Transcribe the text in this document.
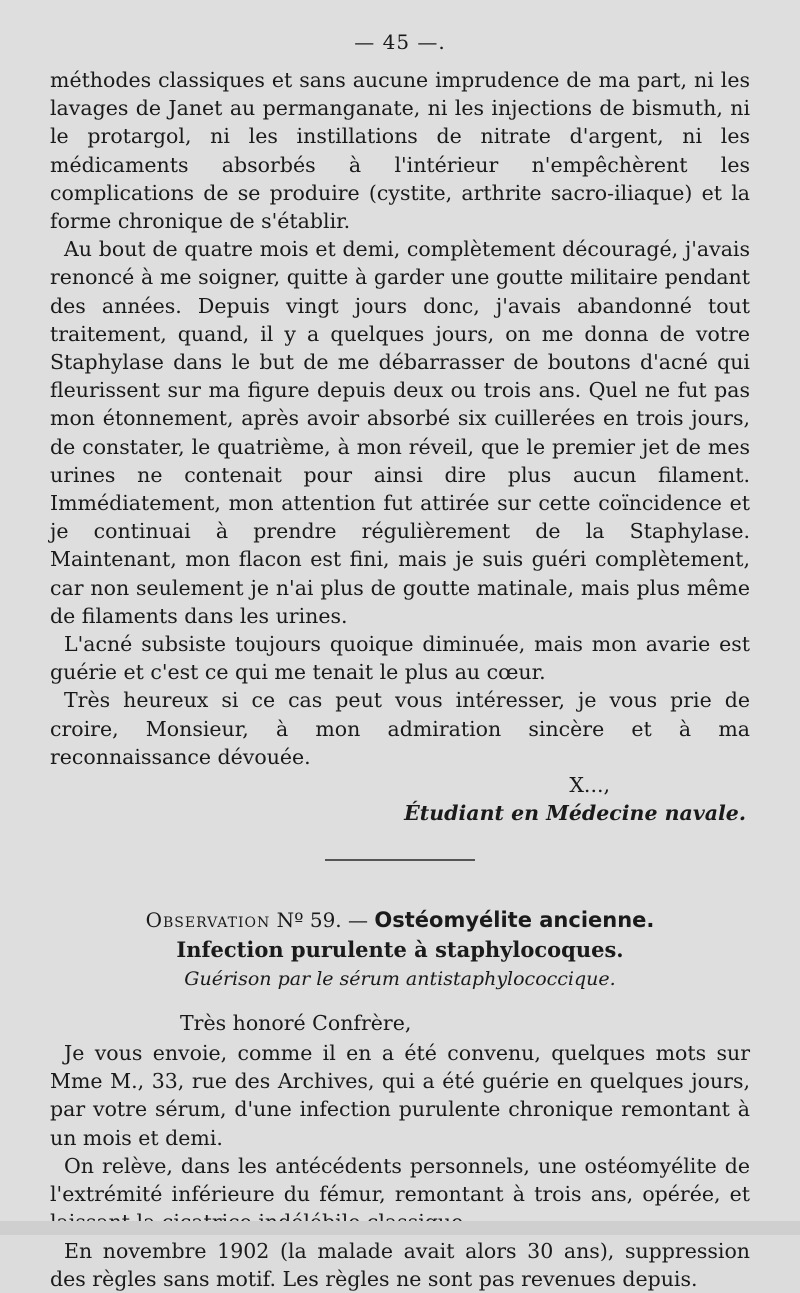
— 45 —.

méthodes classiques et sans aucune imprudence de ma part, ni les lavages de Janet au permanganate, ni les injections de bismuth, ni le protargol, ni les instillations de nitrate d'argent, ni les médicaments absorbés à l'intérieur n'empêchèrent les complications de se produire (cystite, arthrite sacro-iliaque) et la forme chronique de s'établir.

Au bout de quatre mois et demi, complètement découragé, j'avais renoncé à me soigner, quitte à garder une goutte militaire pendant des années. Depuis vingt jours donc, j'avais abandonné tout traitement, quand, il y a quelques jours, on me donna de votre Staphylase dans le but de me débarrasser de boutons d'acné qui fleurissent sur ma figure depuis deux ou trois ans. Quel ne fut pas mon étonnement, après avoir absorbé six cuillerées en trois jours, de constater, le quatrième, à mon réveil, que le premier jet de mes urines ne contenait pour ainsi dire plus aucun filament. Immédiatement, mon attention fut attirée sur cette coïncidence et je continuai à prendre régulièrement de la Staphylase. Maintenant, mon flacon est fini, mais je suis guéri complètement, car non seulement je n'ai plus de goutte matinale, mais plus même de filaments dans les urines.

L'acné subsiste toujours quoique diminuée, mais mon avarie est guérie et c'est ce qui me tenait le plus au cœur.

Très heureux si ce cas peut vous intéresser, je vous prie de croire, Monsieur, à mon admiration sincère et à ma reconnaissance dévouée.

X...,
Étudiant en Médecine navale.

Observation Nº 59. — Ostéomyélite ancienne.

Infection purulente à staphylocoques.

Guérison par le sérum antistaphylococcique.

Très honoré Confrère,

Je vous envoie, comme il en a été convenu, quelques mots sur Mme M., 33, rue des Archives, qui a été guérie en quelques jours, par votre sérum, d'une infection purulente chronique remontant à un mois et demi.

On relève, dans les antécédents personnels, une ostéomyélite de l'extrémité inférieure du fémur, remontant à trois ans, opérée, et

En novembre 1902 (la malade avait alors 30 ans), suppression des règles sans motif. Les règles ne sont pas revenues depuis.
